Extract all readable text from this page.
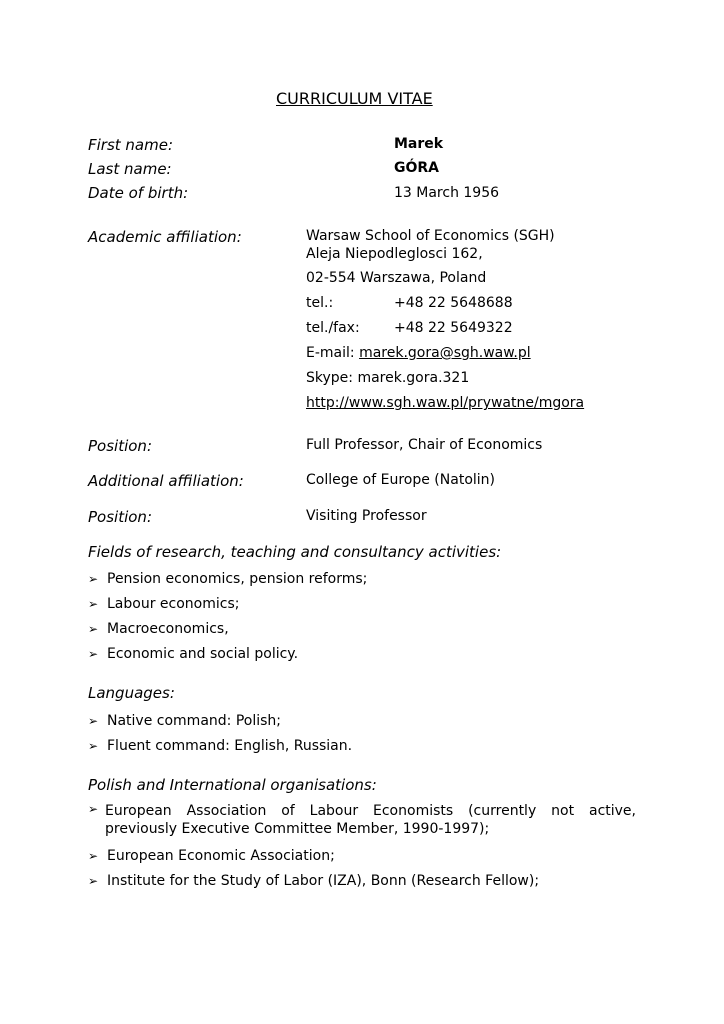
CURRICULUM VITAE
First name:	Marek
Last name:	GÓRA
Date of birth:	13 March 1956
Academic affiliation:	Warsaw School of Economics (SGH)
Aleja Niepodleglosci 162,
02-554 Warszawa, Poland
tel.:	+48 22 5648688
tel./fax: +48 22 5649322
E-mail: marek.gora@sgh.waw.pl
Skype: marek.gora.321
http://www.sgh.waw.pl/prywatne/mgora
Position:	Full Professor, Chair of Economics
Additional affiliation:	College of Europe (Natolin)
Position:	Visiting Professor
Fields of research, teaching and consultancy activities:
➢ Pension economics, pension reforms;
➢ Labour economics;
➢ Macroeconomics,
➢ Economic and social policy.
Languages:
➢ Native command: Polish;
➢ Fluent command: English, Russian.
Polish and International organisations:
➢ European Association of Labour Economists (currently not active, previously Executive Committee Member, 1990-1997);
➢ European Economic Association;
➢ Institute for the Study of Labor (IZA), Bonn (Research Fellow);
